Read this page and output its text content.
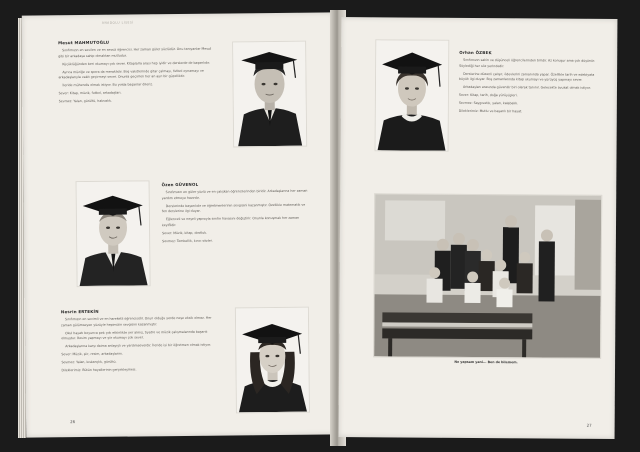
ANADOLU LİSESİ
Mesut MAHMUTOĞLU

Sınıfımızın en sevilen ve en sessiz öğrencisi. Her zaman güler yüzlüdür. Onu tanıyanlar Mesut gibi bir arkadaşa sahip olmaktan mutludur.

Küçüklüğünden beri okumayı çok sever. Kitaplarla arası hep iyidir ve derslerde de başarılıdır.

Ayrıca müziğe ve spora da meraklıdır. Boş vakitlerinde gitar çalmayı, futbol oynamayı ve arkadaşlarıyla vakit geçirmeyi sever. Onunla geçirilen her an ayrı bir güzelliktir.

İleride mühendis olmak istiyor. Bu yolda başarılar dileriz.

Sever: Kitap, müzik, futbol, arkadaşları.

Sevmez: Yalan, gürültü, haksızlık.

Özen GÜVENOL

Sınıfımızın en güler yüzlü ve en çalışkan öğrencilerinden biridir. Arkadaşlarına her zaman yardım etmeye hazırdır.

Derslerinde başarılıdır ve öğretmenlerinin sevgisini kazanmıştır. Özellikle matematik ve fen derslerine ilgi duyar.

Eğlenceli ve neşeli yapısıyla sınıfın havasını değiştirir. Onunla konuşmak her zaman keyiflidir.

Sever: Müzik, kitap, dostluk.

Sevmez: Tembellik, kırıcı sözler.

Nesrin ERTEKİN

Sınıfımızın en sevimli ve en hareketli öğrencisidir. Onun olduğu yerde neşe eksik olmaz. Her zaman gülümseyen yüzüyle hepimizin sevgisini kazanmıştır.

Okul hayatı boyunca pek çok etkinlikte yer almış, tiyatro ve müzik çalışmalarında başarılı olmuştur. Resim yapmayı ve şiir okumayı çok sever.

Arkadaşlarına karşı daima anlayışlı ve yardımseverdir. İleride iyi bir öğretmen olmak istiyor.

Sever: Müzik, şiir, resim, arkadaşlarını.

Sevmez: Yalan, kıskançlık, gürültü.

Dileklerimiz: Bütün hayallerinin gerçekleşmesi.

26
Orhan ÖZBEK

Sınıfımızın sakin ve düşünceli öğrencilerinden biridir. Az konuşur ama çok düşünür. Söylediği her söz yerindedir.

Derslerine düzenli çalışır, ödevlerini zamanında yapar. Özellikle tarih ve edebiyata büyük ilgi duyar. Boş zamanlarında kitap okumayı ve yürüyüş yapmayı sever.

Arkadaşları arasında güvenilir biri olarak tanınır. Gelecekte avukat olmak istiyor.

Sever: Kitap, tarih, doğa yürüyüşleri.

Sevmez: Saygısızlık, yalan, kalabalık.

Dileklerimiz: Mutlu ve başarılı bir hayat.

Ne yapsam yani... Ben de bilemem.
27
